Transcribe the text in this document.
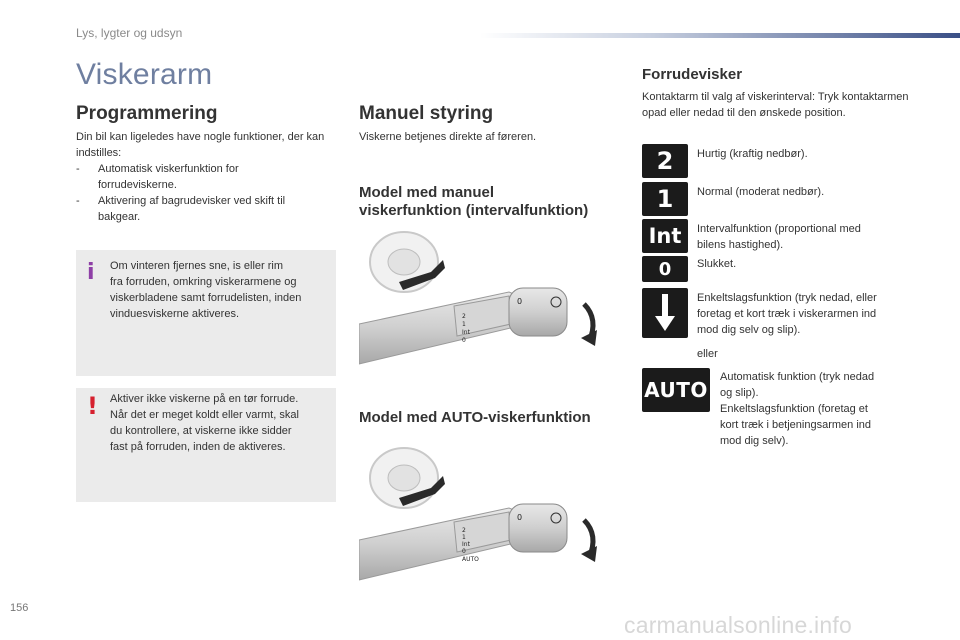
Lys, lygter og udsyn
Viskerarm
Programmering
Din bil kan ligeledes have nogle funktioner, der kan indstilles:
- Automatisk viskerfunktion for
forrudeviskerne.
- Aktivering af bagrudevisker ved skift til
bakgear.
i Om vinteren fjernes sne, is eller rim
fra forruden, omkring viskerarmene og
viskerbladene samt forrudelisten, inden
vinduesviskerne aktiveres.
! Aktiver ikke viskerne på en tør forrude.
Når det er meget koldt eller varmt, skal
du kontrollere, at viskerne ikke sidder
fast på forruden, inden de aktiveres.
Manuel styring
Viskerne betjenes direkte af føreren.
Model med manuel
viskerfunktion (intervalfunktion)
2
1
Int
0
0
Model med AUTO-viskerfunktion
2
1
Int
0
AUTO
0
Forrudevisker
Kontaktarm til valg af viskerinterval: Tryk kontaktarmen opad eller nedad til den ønskede position.
2	Hurtig (kraftig nedbør).
1	Normal (moderat nedbør).
Int	Intervalfunktion (proportional med
bilens hastighed).
0	Slukket.
Enkeltslagsfunktion (tryk nedad, eller
foretag et kort træk i viskerarmen ind
mod dig selv og slip).
eller
AUTO
Automatisk funktion (tryk nedad
og slip).
Enkeltslagsfunktion (foretag et
kort træk i betjeningsarmen ind
mod dig selv).
156
carmanualsonline.info
